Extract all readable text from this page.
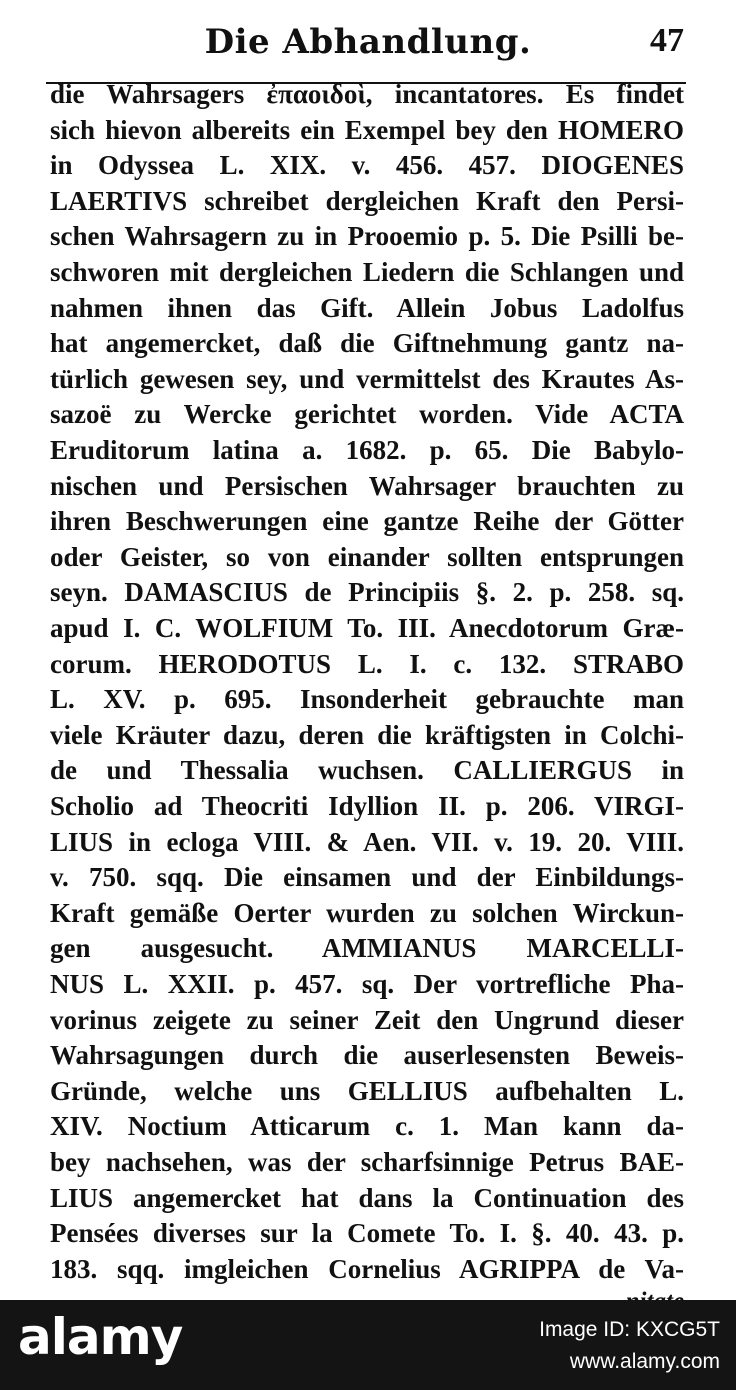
Die Abhandlung.	47
die Wahrsagers ἐπαοιδοὶ, incantatores. Es findet
sich hievon albereits ein Exempel bey den HOMERO
in Odyssea L. XIX. v. 456. 457. DIOGENES
LAERTIVS schreibet dergleichen Kraft den Persi-
schen Wahrsagern zu in Prooemio p. 5. Die Psilli be-
schworen mit dergleichen Liedern die Schlangen und
nahmen ihnen das Gift. Allein Jobus Ladolfus
hat angemercket, daß die Giftnehmung gantz na-
türlich gewesen sey, und vermittelst des Krautes As-
sazoë zu Wercke gerichtet worden. Vide ACTA
Eruditorum latina a. 1682. p. 65. Die Babylo-
nischen und Persischen Wahrsager brauchten zu
ihren Beschwerungen eine gantze Reihe der Götter
oder Geister, so von einander sollten entsprungen
seyn. DAMASCIUS de Principiis §. 2. p. 258. sq.
apud I. C. WOLFIUM To. III. Anecdotorum Græ-
corum. HERODOTUS L. I. c. 132. STRABO
L. XV. p. 695. Insonderheit gebrauchte man
viele Kräuter dazu, deren die kräftigsten in Colchi-
de und Thessalia wuchsen. CALLIERGUS in
Scholio ad Theocriti Idyllion II. p. 206. VIRGI-
LIUS in ecloga VIII. & Aen. VII. v. 19. 20. VIII.
v. 750. sqq. Die einsamen und der Einbildungs-
Kraft gemäße Oerter wurden zu solchen Wirckun-
gen ausgesucht. AMMIANUS MARCELLI-
NUS L. XXII. p. 457. sq. Der vortrefliche Pha-
vorinus zeigete zu seiner Zeit den Ungrund dieser
Wahrsagungen durch die auserlesensten Beweis-
Gründe, welche uns GELLIUS aufbehalten L.
XIV. Noctium Atticarum c. 1. Man kann da-
bey nachsehen, was der scharfsinnige Petrus BAE-
LIUS angemercket hat dans la Continuation des
Pensées diverses sur la Comete To. I. §. 40. 43. p.
183. sqq. imgleichen Cornelius AGRIPPA de Va-
alamy	Image ID: KXCG5T
www.alamy.com
